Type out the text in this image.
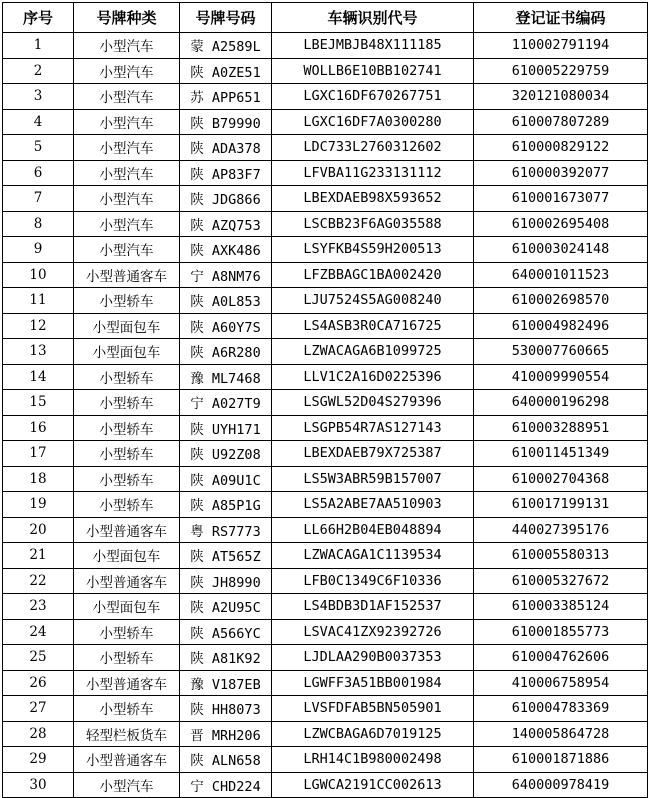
序号	号牌种类	号牌号码	车辆识别代号	登记证书编码
1	小型汽车	蒙 A2589L	LBEJMBJB48X111185	110002791194
2	小型汽车	陕 A0ZE51	WOLLB6E10BB102741	610005229759
3	小型汽车	苏 APP651	LGXC16DF670267751	320121080034
4	小型汽车	陕 B79990	LGXC16DF7A0300280	610007807289
5	小型汽车	陕 ADA378	LDC733L2760312602	610000829122
6	小型汽车	陕 AP83F7	LFVBA11G233131112	610000392077
7	小型汽车	陕 JDG866	LBEXDAEB98X593652	610001673077
8	小型汽车	陕 AZQ753	LSCBB23F6AG035588	610002695408
9	小型汽车	陕 AXK486	LSYFKB4S59H200513	610003024148
10	小型普通客车	宁 A8NM76	LFZBBAGC1BA002420	640001011523
11	小型轿车	陕 A0L853	LJU7524S5AG008240	610002698570
12	小型面包车	陕 A60Y7S	LS4ASB3R0CA716725	610004982496
13	小型面包车	陕 A6R280	LZWACAGA6B1099725	530007760665
14	小型轿车	豫 ML7468	LLV1C2A16D0225396	410009990554
15	小型轿车	宁 A027T9	LSGWL52D04S279396	640000196298
16	小型轿车	陕 UYH171	LSGPB54R7AS127143	610003288951
17	小型轿车	陕 U92Z08	LBEXDAEB79X725387	610011451349
18	小型轿车	陕 A09U1C	LS5W3ABR59B157007	610002704368
19	小型轿车	陕 A85P1G	LS5A2ABE7AA510903	610017199131
20	小型普通客车	粤 RS7773	LL66H2B04EB048894	440027395176
21	小型面包车	陕 AT565Z	LZWACAGA1C1139534	610005580313
22	小型普通客车	陕 JH8990	LFB0C1349C6F10336	610005327672
23	小型面包车	陕 A2U95C	LS4BDB3D1AF152537	610003385124
24	小型轿车	陕 A566YC	LSVAC41ZX92392726	610001855773
25	小型轿车	陕 A81K92	LJDLAA290B0037353	610004762606
26	小型普通客车	豫 V187EB	LGWFF3A51BB001984	410006758954
27	小型轿车	陕 HH8073	LVSFDFAB5BN505901	610004783369
28	轻型栏板货车	晋 MRH206	LZWCBAGA6D7019125	140005864728
29	小型普通客车	陕 ALN658	LRH14C1B980002498	610001871886
30	小型汽车	宁 CHD224	LGWCA2191CC002613	640000978419
